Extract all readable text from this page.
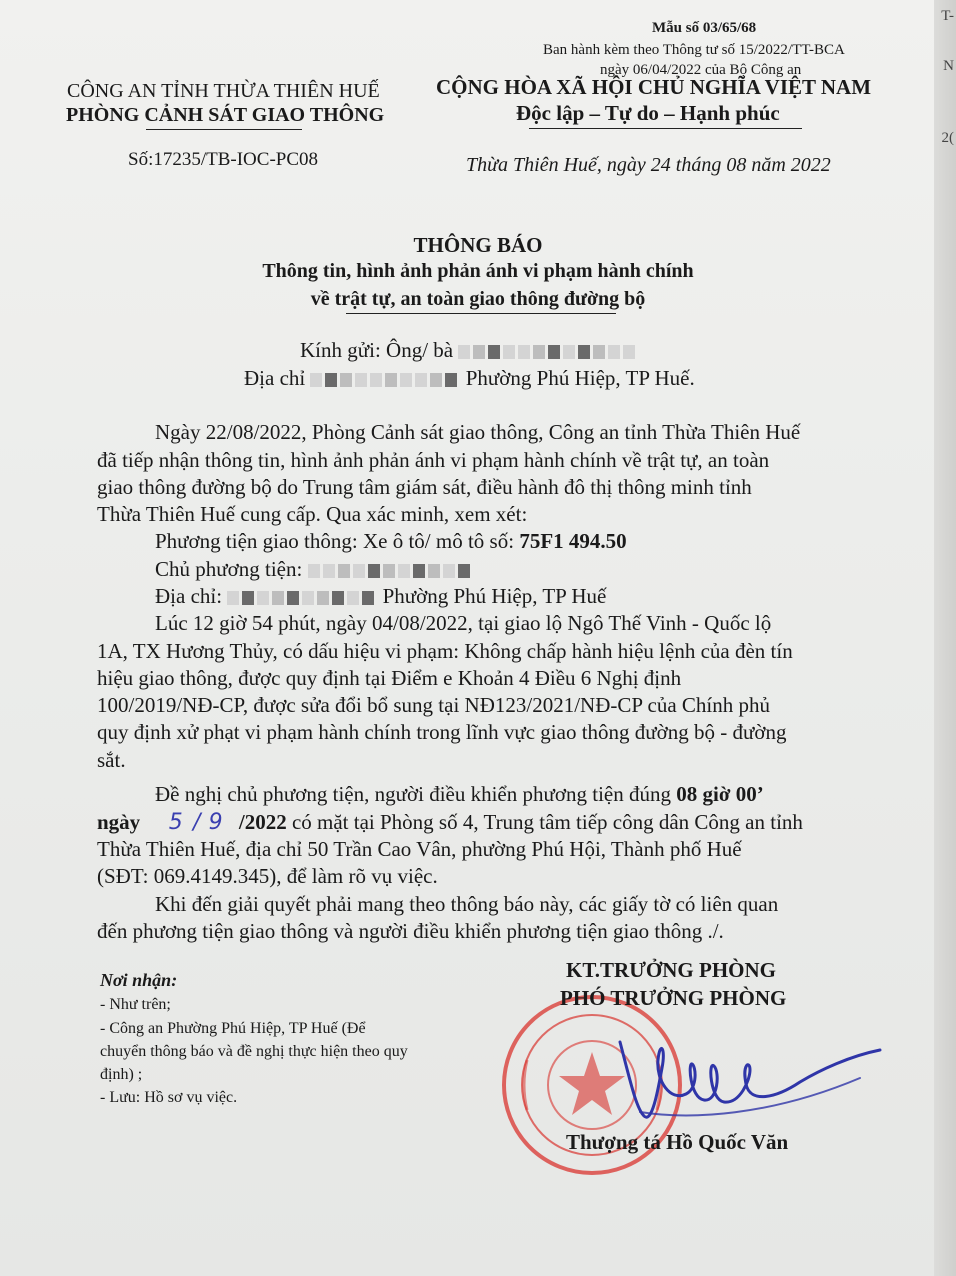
T-
N
2(
Mẫu số 03/65/68
Ban hành kèm theo Thông tư số 15/2022/TT-BCA
ngày 06/04/2022 của Bộ Công an
CÔNG AN TỈNH THỪA THIÊN HUẾ
PHÒNG CẢNH SÁT GIAO THÔNG
Số:17235/TB-IOC-PC08
CỘNG HÒA XÃ HỘI CHỦ NGHĨA VIỆT NAM
Độc lập – Tự do – Hạnh phúc
Thừa Thiên Huế, ngày 24 tháng 08 năm 2022
THÔNG BÁO
Thông tin, hình ảnh phản ánh vi phạm hành chính
về trật tự, an toàn giao thông đường bộ
Kính gửi: Ông/ bà
Địa chỉ	Phường Phú Hiệp, TP Huế.
Ngày 22/08/2022, Phòng Cảnh sát giao thông, Công an tỉnh Thừa Thiên Huế
đã tiếp nhận thông tin, hình ảnh phản ánh vi phạm hành chính về trật tự, an toàn
giao thông đường bộ do Trung tâm giám sát, điều hành đô thị thông minh tỉnh
Thừa Thiên Huế cung cấp. Qua xác minh, xem xét:
Phương tiện giao thông: Xe ô tô/ mô tô số: 75F1 494.50
Chủ phương tiện:
Địa chỉ:	Phường Phú Hiệp, TP Huế
Lúc 12 giờ 54 phút, ngày 04/08/2022, tại giao lộ Ngô Thế Vinh - Quốc lộ
1A, TX Hương Thủy, có dấu hiệu vi phạm: Không chấp hành hiệu lệnh của đèn tín
hiệu giao thông, được quy định tại Điểm e Khoản 4 Điều 6 Nghị định
100/2019/NĐ-CP, được sửa đổi bổ sung tại NĐ123/2021/NĐ-CP của Chính phủ
quy định xử phạt vi phạm hành chính trong lĩnh vực giao thông đường bộ - đường
sắt.
Đề nghị chủ phương tiện, người điều khiển phương tiện đúng 08 giờ 00’
ngày 5 / 9 /2022 có mặt tại Phòng số 4, Trung tâm tiếp công dân Công an tỉnh
Thừa Thiên Huế, địa chỉ 50 Trần Cao Vân, phường Phú Hội, Thành phố Huế
(SĐT: 069.4149.345), để làm rõ vụ việc.
Khi đến giải quyết phải mang theo thông báo này, các giấy tờ có liên quan
đến phương tiện giao thông và người điều khiển phương tiện giao thông ./.
Nơi nhận:
- Như trên;
- Công an Phường Phú Hiệp, TP Huế (Để
chuyển thông báo và đề nghị thực hiện theo quy
định) ;
- Lưu: Hồ sơ vụ việc.
KT.TRƯỞNG PHÒNG
PHÓ TRƯỞNG PHÒNG
Thượng tá Hồ Quốc Văn
